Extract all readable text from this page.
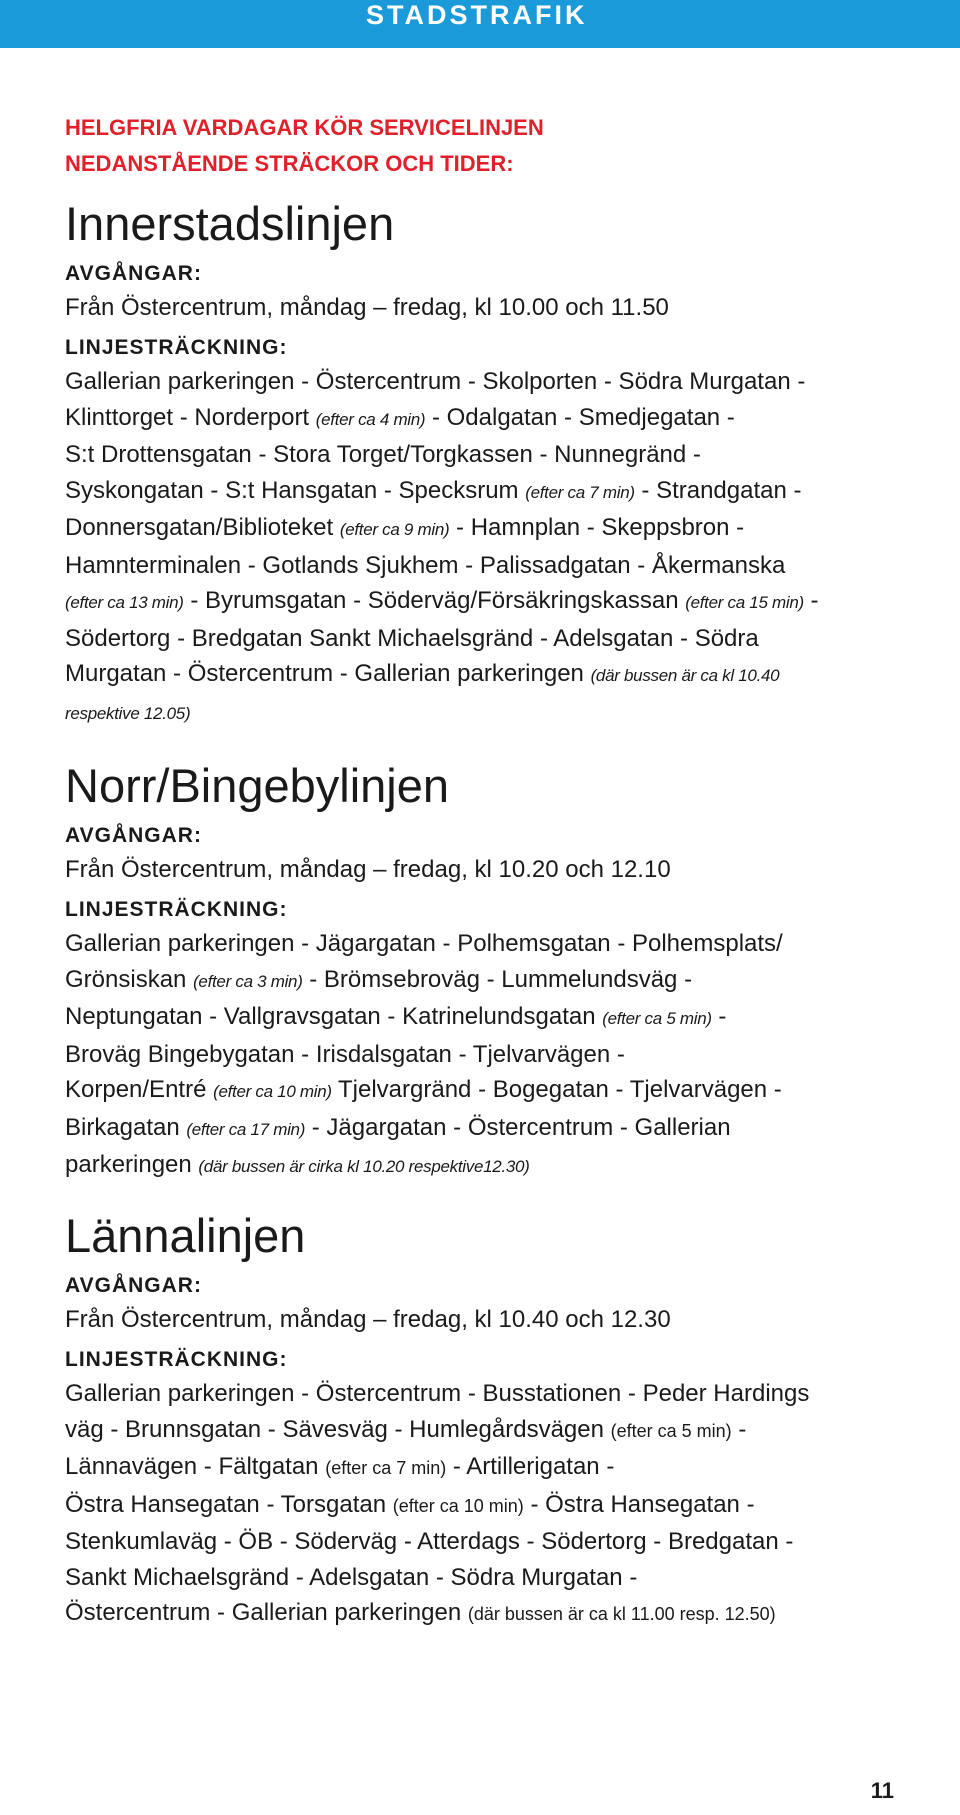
STADSTRAFIK
HELGFRIA VARDAGAR KÖR SERVICELINJEN
NEDANSTÅENDE STRÄCKOR OCH TIDER:
Innerstadslinjen

AVGÅNGAR:

Från Östercentrum, måndag – fredag, kl 10.00 och 11.50

LINJESTRÄCKNING:

Gallerian parkeringen - Östercentrum - Skolporten - Södra Murgatan -
Klinttorget - Norderport (efter ca 4 min) - Odalgatan - Smedjegatan -
S:t Drottensgatan - Stora Torget/Torgkassen - Nunnegränd -
Syskongatan - S:t Hansgatan - Specksrum (efter ca 7 min) - Strandgatan -
Donnersgatan/Biblioteket (efter ca 9 min) - Hamnplan - Skeppsbron -
Hamnterminalen - Gotlands Sjukhem - Palissadgatan - Åkermanska
(efter ca 13 min) - Byrumsgatan - Söderväg/Försäkringskassan (efter ca 15 min) -
Södertorg - Bredgatan Sankt Michaelsgränd - Adelsgatan - Södra
Murgatan - Östercentrum - Gallerian parkeringen (där bussen är ca kl 10.40
respektive 12.05)
Norr/Bingebylinjen

AVGÅNGAR:

Från Östercentrum, måndag – fredag, kl 10.20 och 12.10

LINJESTRÄCKNING:

Gallerian parkeringen - Jägargatan - Polhemsgatan - Polhemsplats/
Grönsiskan (efter ca 3 min) - Brömsebroväg - Lummelundsväg -
Neptungatan - Vallgravsgatan - Katrinelundsgatan (efter ca 5 min) -
Broväg Bingebygatan - Irisdalsgatan - Tjelvarvägen -
Korpen/Entré (efter ca 10 min) Tjelvargränd - Bogegatan - Tjelvarvägen -
Birkagatan (efter ca 17 min) - Jägargatan - Östercentrum - Gallerian
parkeringen (där bussen är cirka kl 10.20 respektive12.30)
Lännalinjen

AVGÅNGAR:

Från Östercentrum, måndag – fredag, kl 10.40 och 12.30

LINJESTRÄCKNING:

Gallerian parkeringen - Östercentrum - Busstationen - Peder Hardings
väg - Brunnsgatan - Sävesväg - Humlegårdsvägen (efter ca 5 min) -
Lännavägen - Fältgatan (efter ca 7 min) - Artillerigatan -
Östra Hansegatan - Torsgatan (efter ca 10 min) - Östra Hansegatan -
Stenkumlaväg - ÖB - Söderväg - Atterdags - Södertorg - Bredgatan -
Sankt Michaelsgränd - Adelsgatan - Södra Murgatan -
Östercentrum - Gallerian parkeringen (där bussen är ca kl 11.00 resp. 12.50)
11
